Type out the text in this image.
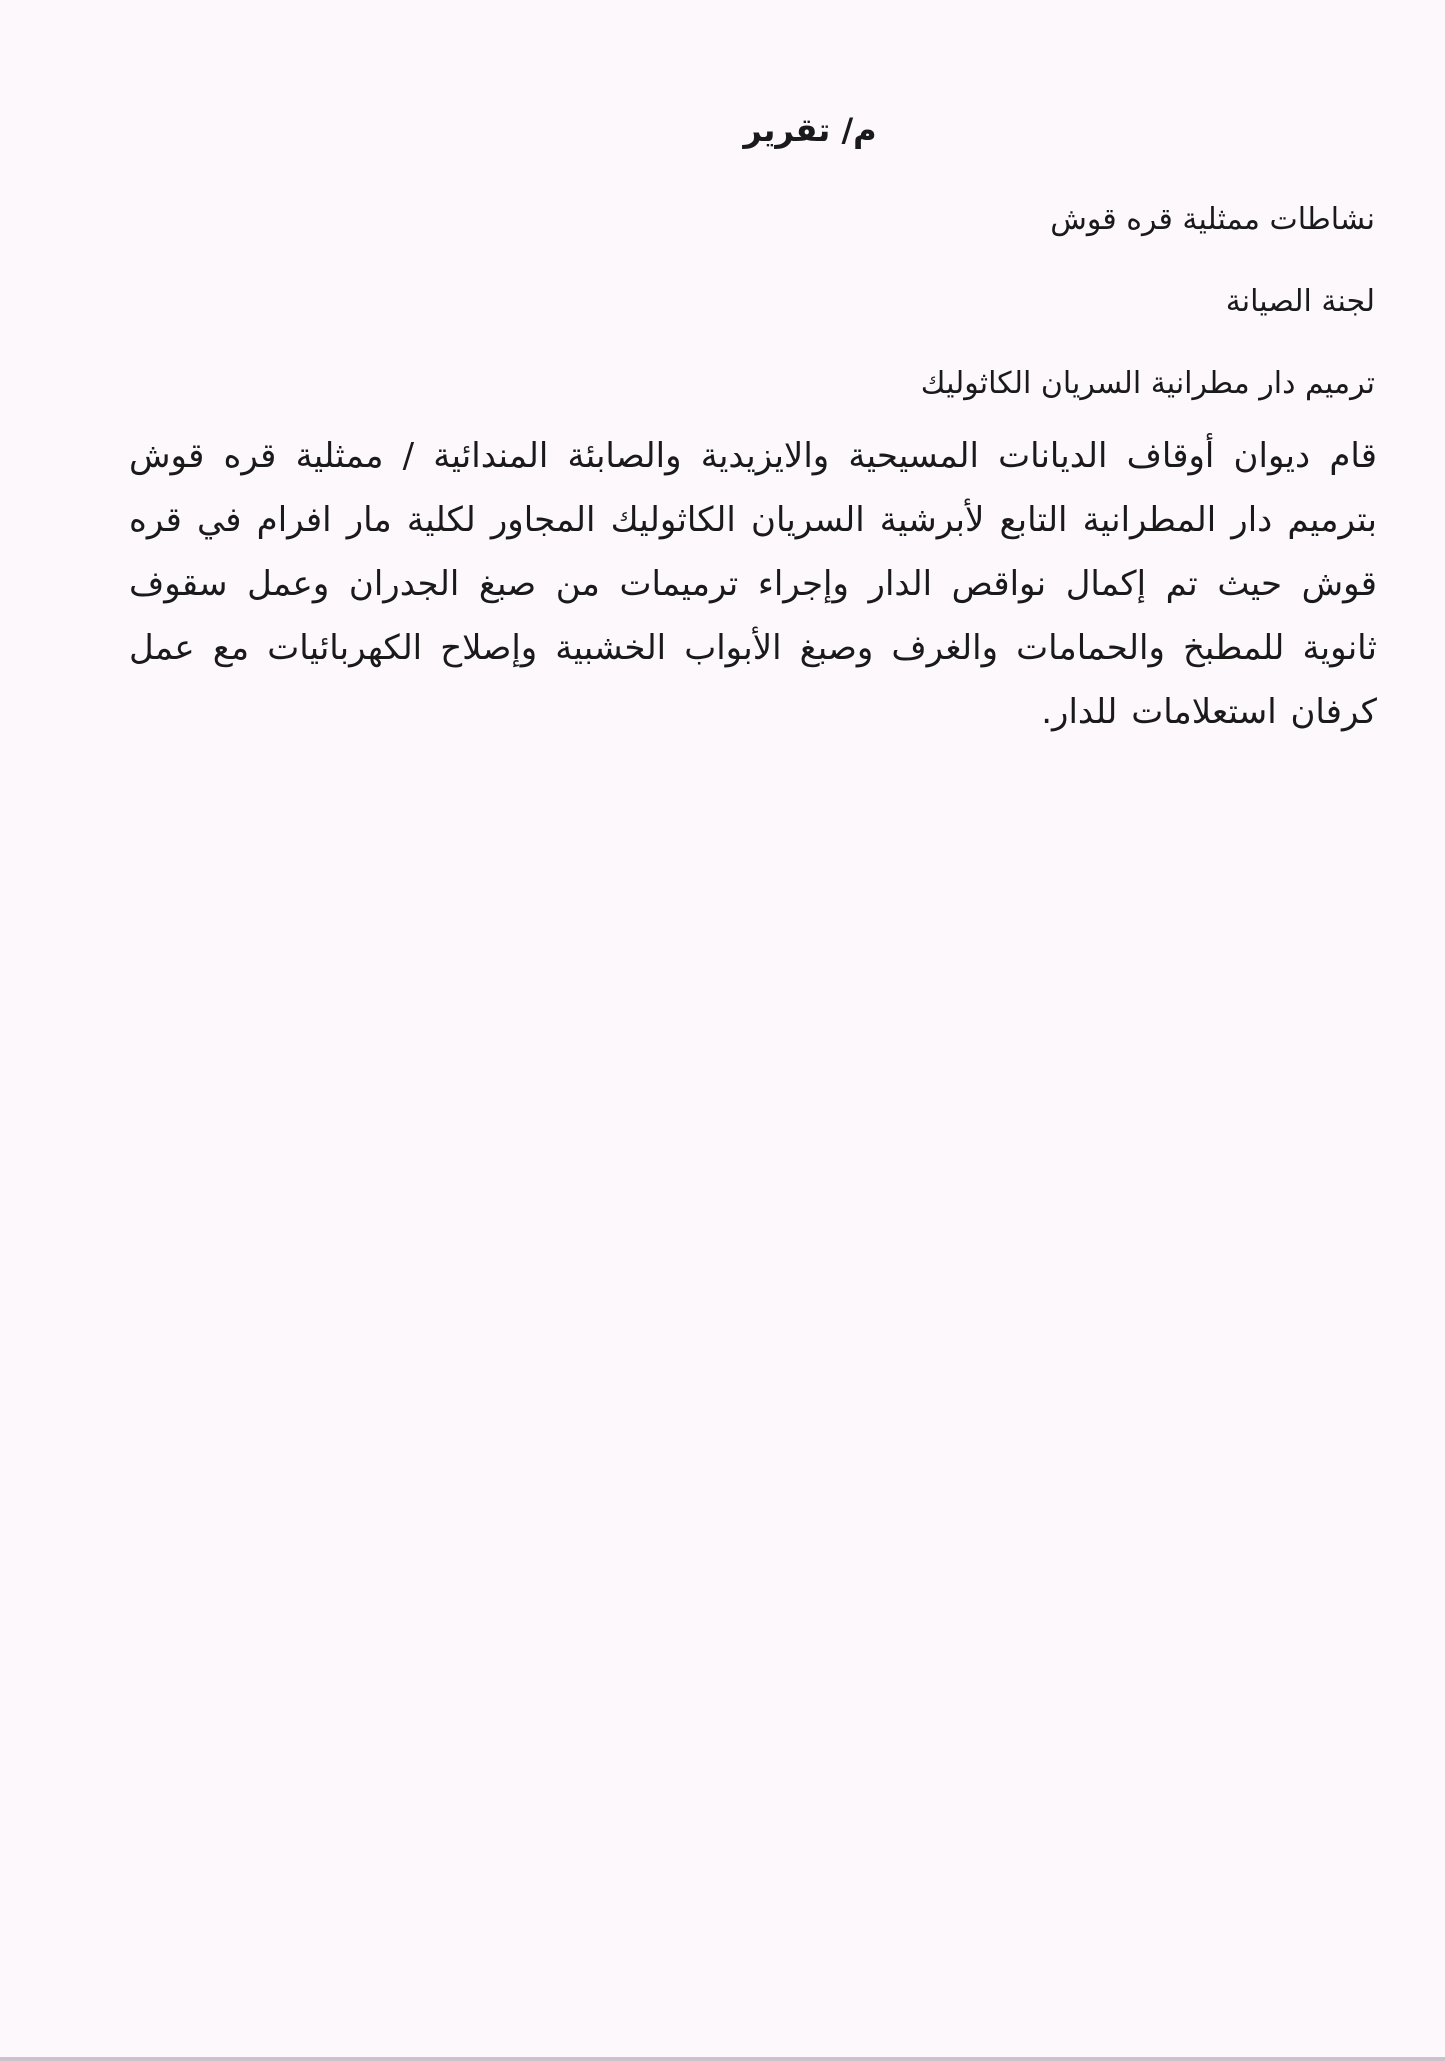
م/ تقرير

نشاطات ممثلية قره قوش

لجنة الصيانة

ترميم دار مطرانية السريان الكاثوليك

قام ديوان أوقاف الديانات المسيحية والايزيدية والصابئة المندائية / ممثلية قره قوش بترميم دار المطرانية التابع لأبرشية السريان الكاثوليك المجاور لكلية مار افرام في قره قوش حيث تم إكمال نواقص الدار وإجراء ترميمات من صبغ الجدران وعمل سقوف ثانوية للمطبخ والحمامات والغرف وصبغ الأبواب الخشبية وإصلاح الكهربائيات مع عمل كرفان استعلامات للدار.
